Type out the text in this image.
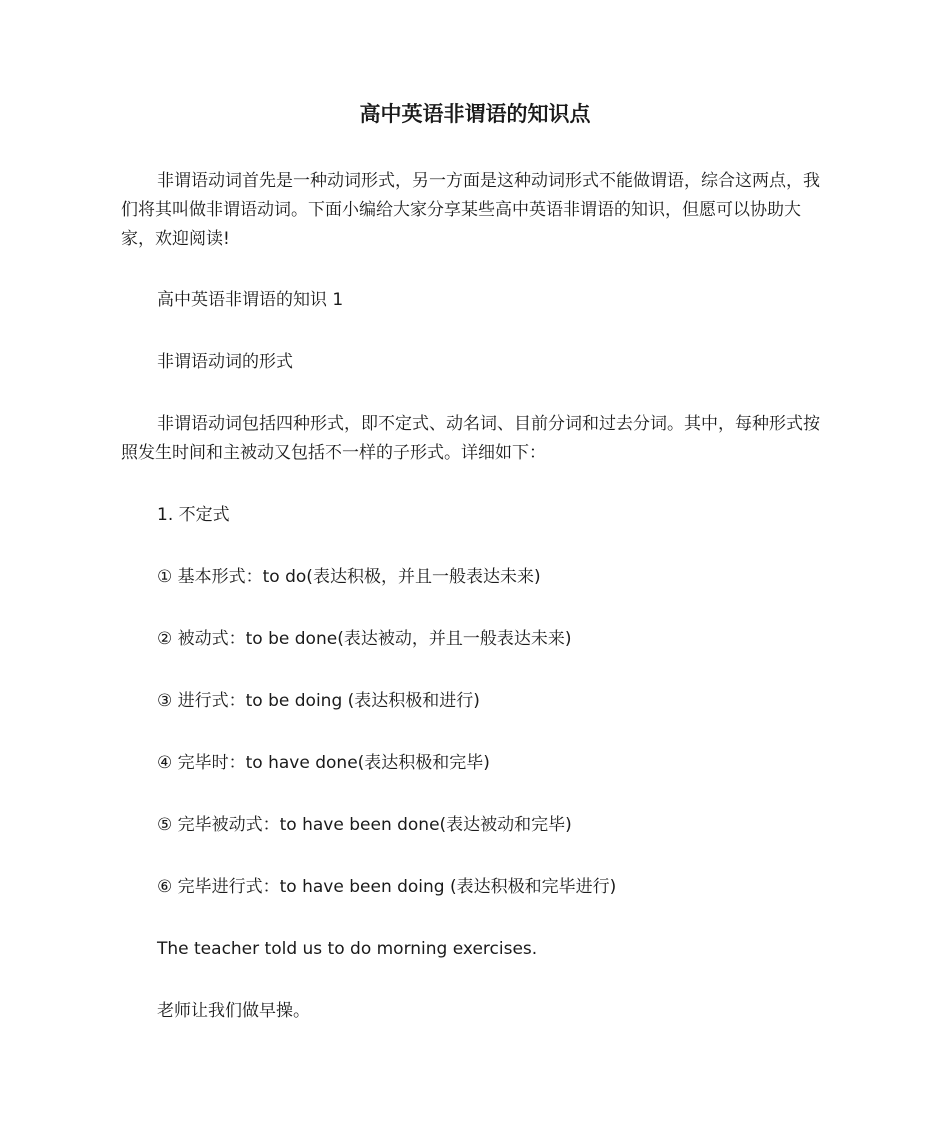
高中英语非谓语的知识点

非谓语动词首先是一种动词形式，另一方面是这种动词形式不能做谓语，综合这两点，我们将其叫做非谓语动词。下面小编给大家分享某些高中英语非谓语的知识，但愿可以协助大家，欢迎阅读!

高中英语非谓语的知识 1

非谓语动词的形式

非谓语动词包括四种形式，即不定式、动名词、目前分词和过去分词。其中，每种形式按照发生时间和主被动又包括不一样的子形式。详细如下：

1. 不定式

① 基本形式：to do(表达积极，并且一般表达未来)

② 被动式：to be done(表达被动，并且一般表达未来)

③ 进行式：to be doing (表达积极和进行)

④ 完毕时：to have done(表达积极和完毕)

⑤ 完毕被动式：to have been done(表达被动和完毕)

⑥ 完毕进行式：to have been doing (表达积极和完毕进行)

The teacher told us to do morning exercises.

老师让我们做早操。
